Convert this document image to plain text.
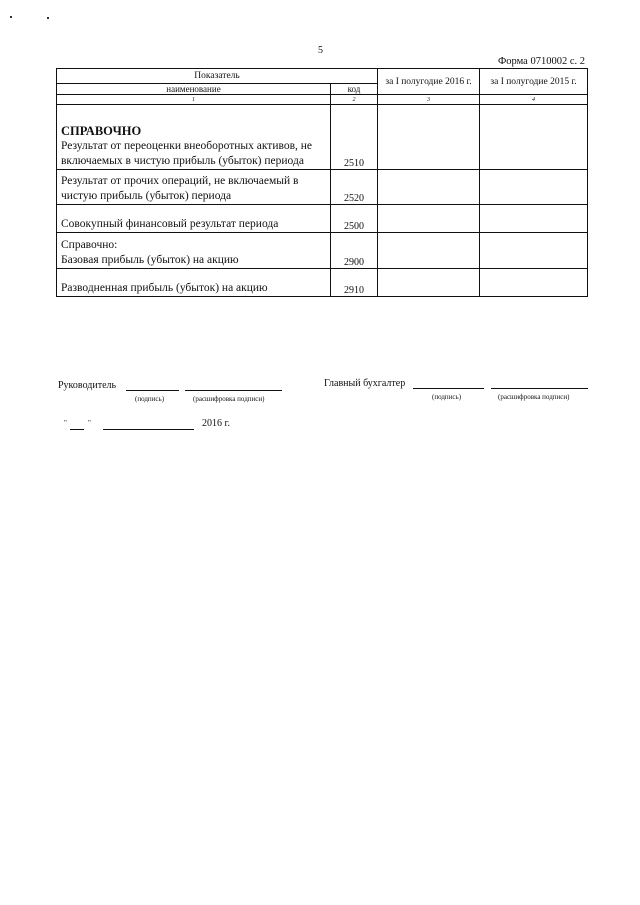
5
Форма 0710002 с. 2
Показатель		за I полугодие 2016 г.	за I полугодие 2015 г.
наименование	код		
1	2	3	4

СПРАВОЧНО
Результат от переоценки внеоборотных активов, не включаемых в чистую прибыль (убыток) периода	2510		
Результат от прочих операций, не включаемый в чистую прибыль (убыток) периода	2520		
Совокупный финансовый результат периода	2500		

Справочно:
Базовая прибыль (убыток) на акцию	2900		
Разводненная прибыль (убыток) на акцию	2910		
Руководитель
(подпись)	(расшифровка подписи)
Главный бухгалтер
(подпись)	(расшифровка подписи)
"	"	2016 г.
